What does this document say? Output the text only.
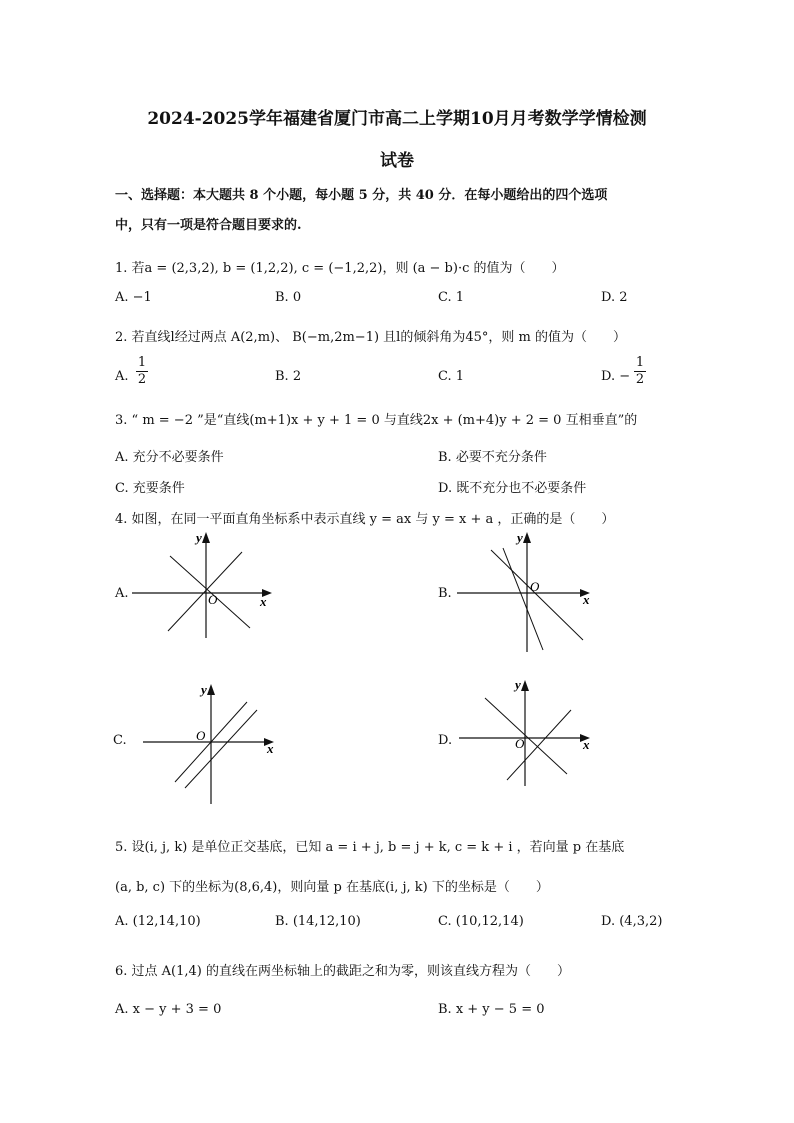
2024-2025学年福建省厦门市高二上学期10月月考数学学情检测
试卷
一、选择题：本大题共 8 个小题，每小题 5 分，共 40 分．在每小题给出的四个选项
中，只有一项是符合题目要求的.
1. 若a = (2,3,2), b = (1,2,2), c = (−1,2,2)，则 (a − b)·c 的值为（　　）
A. −1	B. 0	C. 1	D. 2
2. 若直线l经过两点 A(2,m)、 B(−m,2m−1) 且l的倾斜角为45°，则 m 的值为（　　）
A. $\frac{1}{2}$	B. 2	C. 1	D. − $\frac{1}{2}$
3. “ m = −2 ”是“直线(m+1)x + y + 1 = 0 与直线2x + (m+4)y + 2 = 0 互相垂直”的
A. 充分不必要条件	B. 必要不充分条件
C. 充要条件	D. 既不充分也不必要条件
4. 如图，在同一平面直角坐标系中表示直线 y = ax 与 y = x + a ，正确的是（　　）
A.	B.
C.	D.
O	x
y
O
x
y
O
x
y
O	x
y
5. 设(i, j, k) 是单位正交基底，已知 a = i + j, b = j + k, c = k + i ，若向量 p 在基底
(a, b, c) 下的坐标为(8,6,4)，则向量 p 在基底(i, j, k) 下的坐标是（　　）
A. (12,14,10)	B. (14,12,10)	C. (10,12,14)	D. (4,3,2)
6. 过点 A(1,4) 的直线在两坐标轴上的截距之和为零，则该直线方程为（　　）
A. x − y + 3 = 0	B. x + y − 5 = 0
